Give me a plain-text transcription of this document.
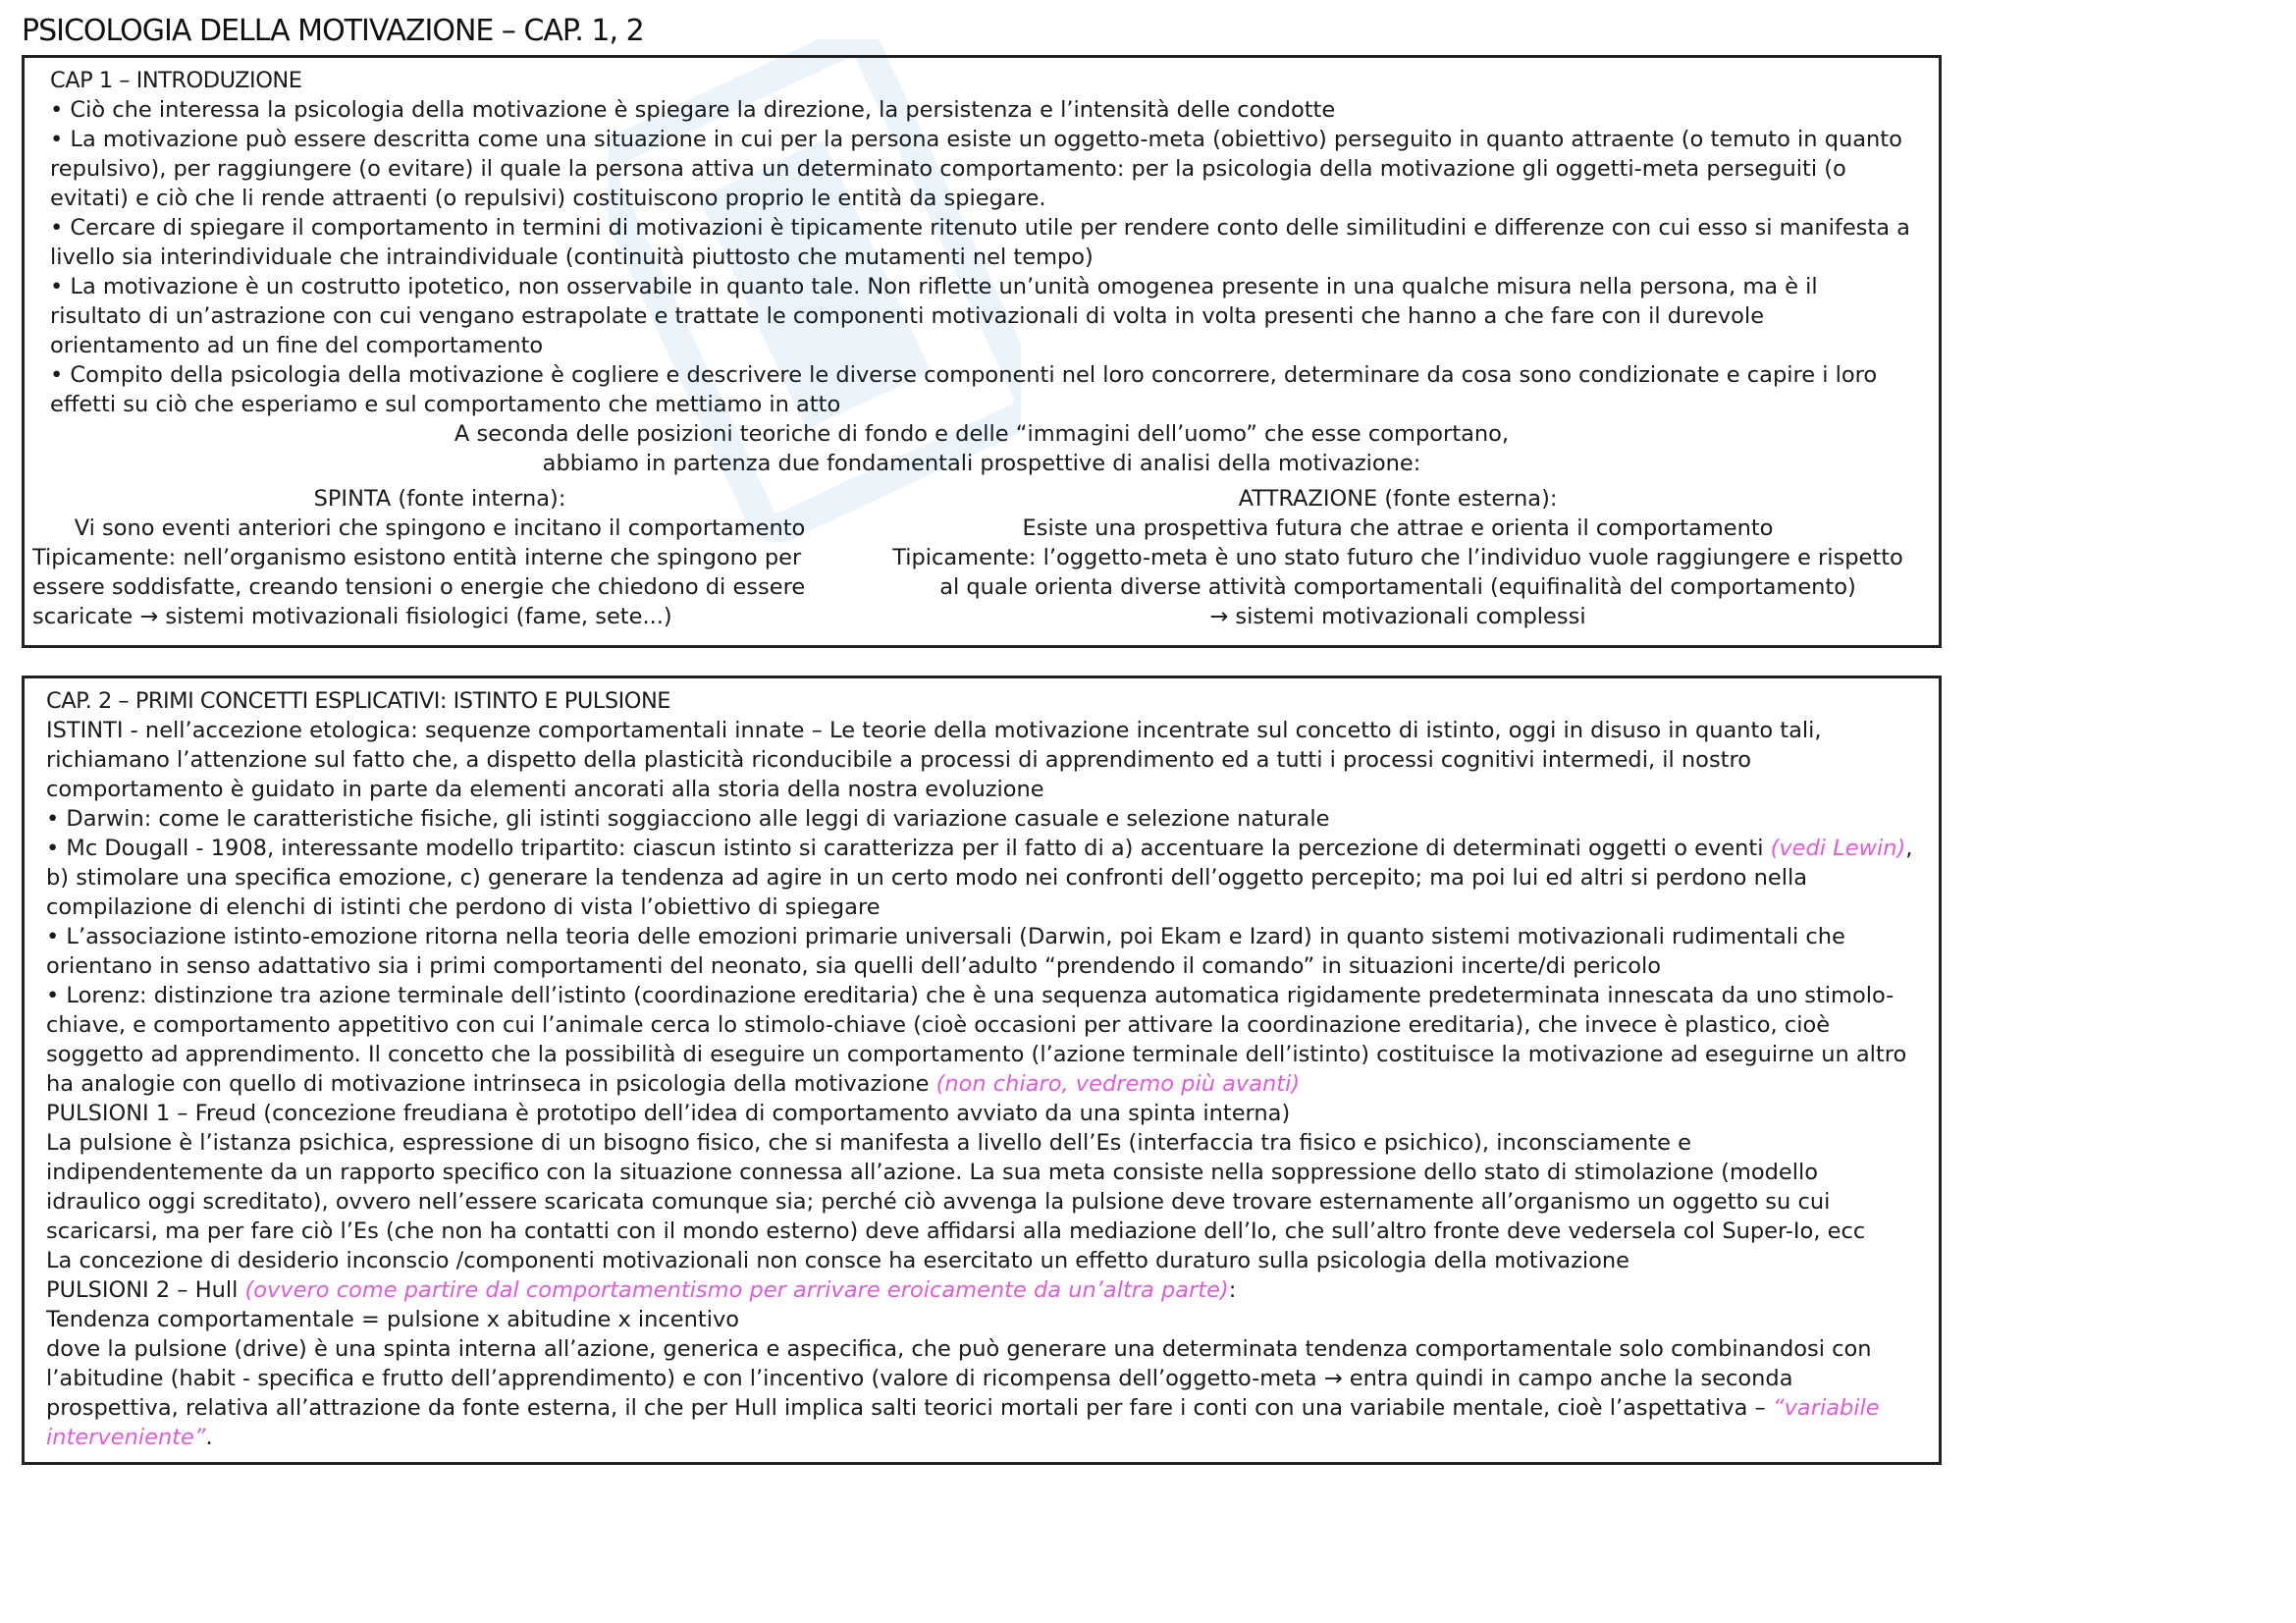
PSICOLOGIA DELLA MOTIVAZIONE – CAP. 1, 2

CAP 1 – INTRODUZIONE

• Ciò che interessa la psicologia della motivazione è spiegare la direzione, la persistenza e l’intensità delle condotte

• La motivazione può essere descritta come una situazione in cui per la persona esiste un oggetto-meta (obiettivo) perseguito in quanto attraente (o temuto in quanto repulsivo), per raggiungere (o evitare) il quale la persona attiva un determinato comportamento: per la psicologia della motivazione gli oggetti-meta perseguiti (o evitati) e ciò che li rende attraenti (o repulsivi) costituiscono proprio le entità da spiegare.

• Cercare di spiegare il comportamento in termini di motivazioni è tipicamente ritenuto utile per rendere conto delle similitudini e differenze con cui esso si manifesta a livello sia interindividuale che intraindividuale (continuità piuttosto che mutamenti nel tempo)

• La motivazione è un costrutto ipotetico, non osservabile in quanto tale. Non riflette un’unità omogenea presente in una qualche misura nella persona, ma è il risultato di un’astrazione con cui vengano estrapolate e trattate le componenti motivazionali di volta in volta presenti che hanno a che fare con il durevole orientamento ad un fine del comportamento

• Compito della psicologia della motivazione è cogliere e descrivere le diverse componenti nel loro concorrere, determinare da cosa sono condizionate e capire i loro effetti su ciò che esperiamo e sul comportamento che mettiamo in atto

A seconda delle posizioni teoriche di fondo e delle “immagini dell’uomo” che esse comportano,

abbiamo in partenza due fondamentali prospettive di analisi della motivazione:

SPINTA (fonte interna):
Vi sono eventi anteriori che spingono e incitano il comportamento
Tipicamente: nell’organismo esistono entità interne che spingono per essere soddisfatte, creando tensioni o energie che chiedono di essere scaricate → sistemi motivazionali fisiologici (fame, sete...)
ATTRAZIONE (fonte esterna):
Esiste una prospettiva futura che attrae e orienta il comportamento
Tipicamente: l’oggetto-meta è uno stato futuro che l’individuo vuole raggiungere e rispetto al quale orienta diverse attività comportamentali (equifinalità del comportamento)
→ sistemi motivazionali complessi

CAP. 2 – PRIMI CONCETTI ESPLICATIVI: ISTINTO E PULSIONE

ISTINTI - nell’accezione etologica: sequenze comportamentali innate – Le teorie della motivazione incentrate sul concetto di istinto, oggi in disuso in quanto tali, richiamano l’attenzione sul fatto che, a dispetto della plasticità riconducibile a processi di apprendimento ed a tutti i processi cognitivi intermedi, il nostro comportamento è guidato in parte da elementi ancorati alla storia della nostra evoluzione

• Darwin: come le caratteristiche fisiche, gli istinti soggiacciono alle leggi di variazione casuale e selezione naturale

• Mc Dougall - 1908, interessante modello tripartito: ciascun istinto si caratterizza per il fatto di a) accentuare la percezione di determinati oggetti o eventi (vedi Lewin), b) stimolare una specifica emozione, c) generare la tendenza ad agire in un certo modo nei confronti dell’oggetto percepito; ma poi lui ed altri si perdono nella compilazione di elenchi di istinti che perdono di vista l’obiettivo di spiegare

• L’associazione istinto-emozione ritorna nella teoria delle emozioni primarie universali (Darwin, poi Ekam e Izard) in quanto sistemi motivazionali rudimentali che orientano in senso adattativo sia i primi comportamenti del neonato, sia quelli dell’adulto “prendendo il comando” in situazioni incerte/di pericolo

• Lorenz: distinzione tra azione terminale dell’istinto (coordinazione ereditaria) che è una sequenza automatica rigidamente predeterminata innescata da uno stimolo-chiave, e comportamento appetitivo con cui l’animale cerca lo stimolo-chiave (cioè occasioni per attivare la coordinazione ereditaria), che invece è plastico, cioè soggetto ad apprendimento. Il concetto che la possibilità di eseguire un comportamento (l’azione terminale dell’istinto) costituisce la motivazione ad eseguirne un altro ha analogie con quello di motivazione intrinseca in psicologia della motivazione (non chiaro, vedremo più avanti)

PULSIONI 1 – Freud (concezione freudiana è prototipo dell’idea di comportamento avviato da una spinta interna)

La pulsione è l’istanza psichica, espressione di un bisogno fisico, che si manifesta a livello dell’Es (interfaccia tra fisico e psichico), inconsciamente e indipendentemente da un rapporto specifico con la situazione connessa all’azione. La sua meta consiste nella soppressione dello stato di stimolazione (modello idraulico oggi screditato), ovvero nell’essere scaricata comunque sia; perché ciò avvenga la pulsione deve trovare esternamente all’organismo un oggetto su cui scaricarsi, ma per fare ciò l’Es (che non ha contatti con il mondo esterno) deve affidarsi alla mediazione dell’Io, che sull’altro fronte deve vedersela col Super-Io, ecc

La concezione di desiderio inconscio /componenti motivazionali non consce ha esercitato un effetto duraturo sulla psicologia della motivazione

PULSIONI 2 – Hull (ovvero come partire dal comportamentismo per arrivare eroicamente da un’altra parte):

Tendenza comportamentale = pulsione x abitudine x incentivo

dove la pulsione (drive) è una spinta interna all’azione, generica e aspecifica, che può generare una determinata tendenza comportamentale solo combinandosi con l’abitudine (habit - specifica e frutto dell’apprendimento) e con l’incentivo (valore di ricompensa dell’oggetto-meta → entra quindi in campo anche la seconda prospettiva, relativa all’attrazione da fonte esterna, il che per Hull implica salti teorici mortali per fare i conti con una variabile mentale, cioè l’aspettativa – “variabile interveniente”.
